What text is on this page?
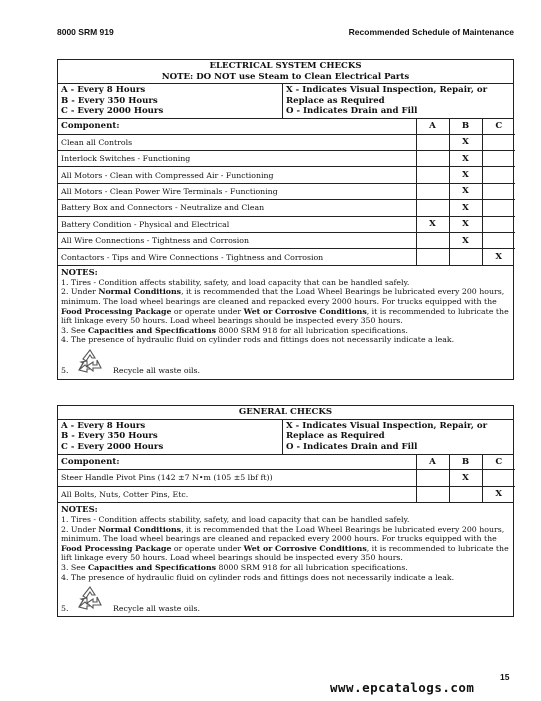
8000 SRM 919	Recommended Schedule of Maintenance
ELECTRICAL SYSTEM CHECKS
NOTE: DO NOT use Steam to Clean Electrical Parts
A - Every 8 Hours
B - Every 350 Hours
C - Every 2000 Hours
X - Indicates Visual Inspection, Repair, or Replace as Required
O - Indicates Drain and Fill
Component:	A	B	C
Clean all Controls		X	
Interlock Switches - Functioning		X	
All Motors - Clean with Compressed Air - Functioning		X	
All Motors - Clean Power Wire Terminals - Functioning		X	
Battery Box and Connectors - Neutralize and Clean		X	
Battery Condition - Physical and Electrical	X	X	
All Wire Connections - Tightness and Corrosion		X	
Contactors - Tips and Wire Connections - Tightness and Corrosion			X
NOTES:
1. Tires - Condition affects stability, safety, and load capacity that can be handled safely.
2. Under Normal Conditions, it is recommended that the Load Wheel Bearings be lubricated every 200 hours, minimum. The load wheel bearings are cleaned and repacked every 2000 hours. For trucks equipped with the Food Processing Package or operate under Wet or Corrosive Conditions, it is recommended to lubricate the lift linkage every 50 hours. Load wheel bearings should be inspected every 350 hours.
3. See Capacities and Specifications 8000 SRM 918 for all lubrication specifications.
4. The presence of hydraulic fluid on cylinder rods and fittings does not necessarily indicate a leak.
5.	Recycle all waste oils.
GENERAL CHECKS
A - Every 8 Hours
B - Every 350 Hours
C - Every 2000 Hours
X - Indicates Visual Inspection, Repair, or Replace as Required
O - Indicates Drain and Fill
Component:	A	B	C
Steer Handle Pivot Pins (142 ±7 N•m (105 ±5 lbf ft))		X	
All Bolts, Nuts, Cotter Pins, Etc.			X
NOTES:
1. Tires - Condition affects stability, safety, and load capacity that can be handled safely.
2. Under Normal Conditions, it is recommended that the Load Wheel Bearings be lubricated every 200 hours, minimum. The load wheel bearings are cleaned and repacked every 2000 hours. For trucks equipped with the Food Processing Package or operate under Wet or Corrosive Conditions, it is recommended to lubricate the lift linkage every 50 hours. Load wheel bearings should be inspected every 350 hours.
3. See Capacities and Specifications 8000 SRM 918 for all lubrication specifications.
4. The presence of hydraulic fluid on cylinder rods and fittings does not necessarily indicate a leak.
5.	Recycle all waste oils.
15
www.epcatalogs.com
